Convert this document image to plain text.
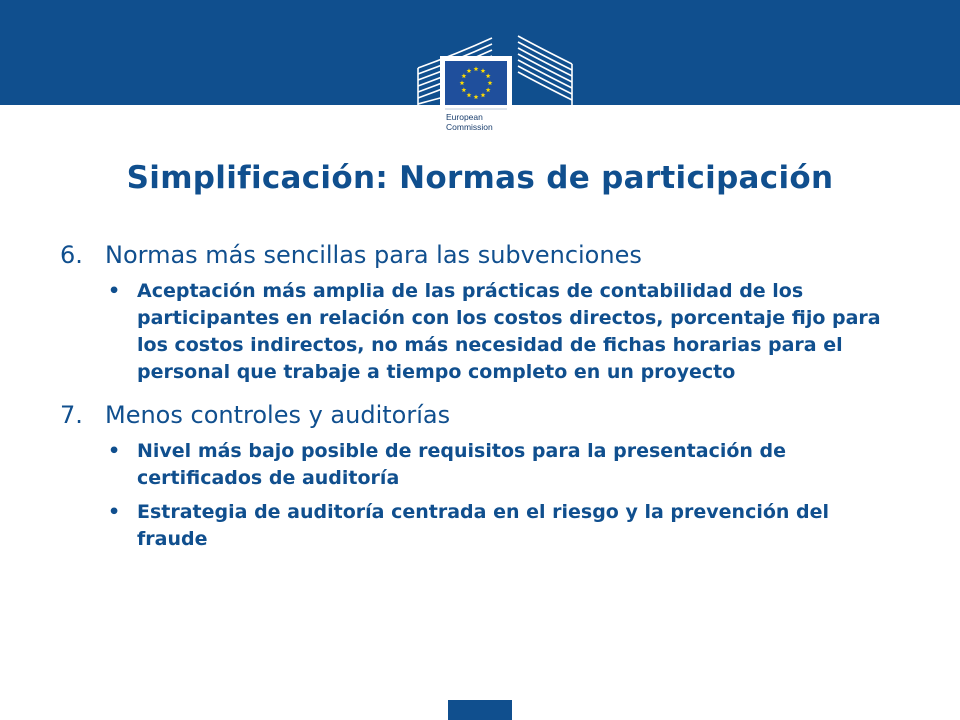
European
Commission
Simplificación: Normas de participación
6. Normas más sencillas para las subvenciones
• Aceptación más amplia de las prácticas de contabilidad de los participantes en relación con los costos directos, porcentaje fijo para los costos indirectos, no más necesidad de fichas horarias para el personal que trabaje a tiempo completo en un proyecto
7. Menos controles y auditorías
• Nivel más bajo posible de requisitos para la presentación de certificados de auditoría
• Estrategia de auditoría centrada en el riesgo y la prevención del fraude
